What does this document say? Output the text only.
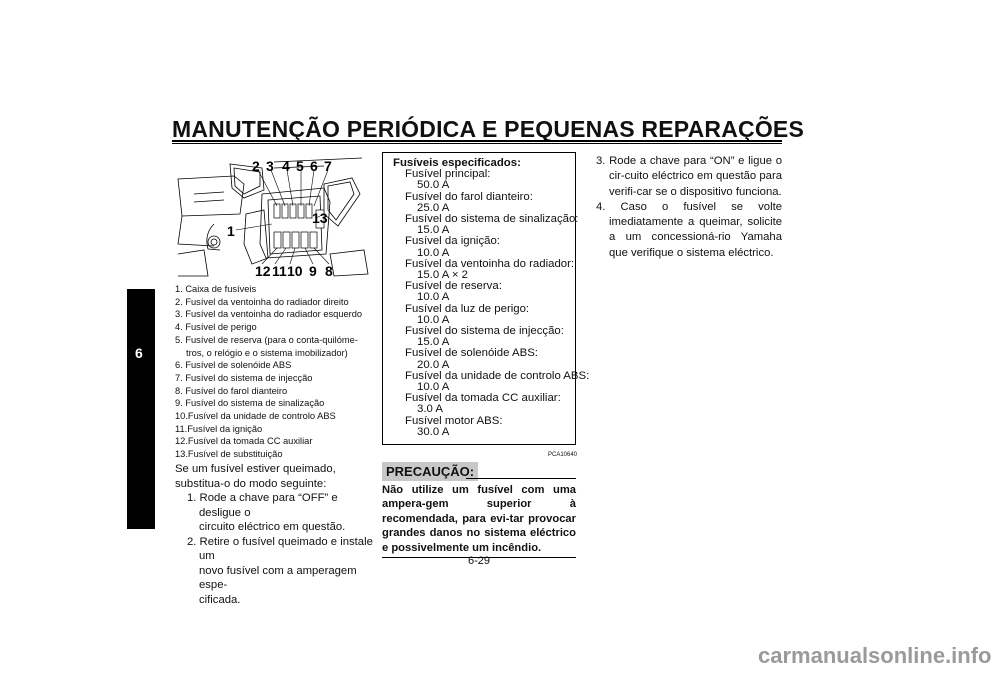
MANUTENÇÃO PERIÓDICA E PEQUENAS REPARAÇÕES
6
2 3 4 5 6 7
1
13
12 11 10 9 8
1. Caixa de fusíveis
2. Fusível da ventoinha do radiador direito
3. Fusível da ventoinha do radiador esquerdo
4. Fusível de perigo
5. Fusível de reserva (para o conta-quilóme-
tros, o relógio e o sistema imobilizador)
6. Fusível de solenóide ABS
7. Fusível do sistema de injecção
8. Fusível do farol dianteiro
9. Fusível do sistema de sinalização
10.Fusível da unidade de controlo ABS
11.Fusível da ignição
12.Fusível da tomada CC auxiliar
13.Fusível de substituição
Se um fusível estiver queimado, substitua-o do modo seguinte:
1. Rode a chave para “OFF” e desligue o
circuito eléctrico em questão.
2. Retire o fusível queimado e instale um
novo fusível com a amperagem espe-
cificada.
Fusíveis especificados:
Fusível principal:
50.0 A
Fusível do farol dianteiro:
25.0 A
Fusível do sistema de sinalização:
15.0 A
Fusível da ignição:
10.0 A
Fusível da ventoinha do radiador:
15.0 A × 2
Fusível de reserva:
10.0 A
Fusível da luz de perigo:
10.0 A
Fusível do sistema de injecção:
15.0 A
Fusível de solenóide ABS:
20.0 A
Fusível da unidade de controlo ABS:
10.0 A
Fusível da tomada CC auxiliar:
3.0 A
Fusível motor ABS:
30.0 A
PCA10640
PRECAUÇÃO:
Não utilize um fusível com uma ampera-gem superior à recomendada, para evi-tar provocar grandes danos no sistema eléctrico e possivelmente um incêndio.
3. Rode a chave para “ON” e ligue o cir-cuito eléctrico em questão para verifi-car se o dispositivo funciona.
4. Caso o fusível se volte imediatamente a queimar, solicite a um concessioná-rio Yamaha que verifique o sistema eléctrico.
6-29
carmanualsonline.info
